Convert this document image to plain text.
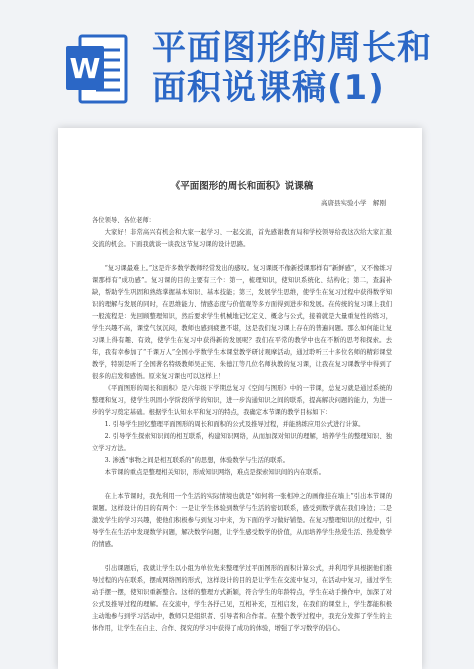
W
平面图形的周长和
面积说课稿(1)
《平面图形的周长和面积》说课稿
高唐县实验小学　解刚
各位领导、各位老师：
大家好！非常高兴有机会和大家一起学习、一起交流，首先感谢教育局和学校领导给我这次给大家汇报交流的机会。下面我就谈一谈我这节复习课的设计思路。
“复习课最难上。”这是许多数学教师经常发出的感叹。复习课既不像新授课那样有“新鲜感”，又不像练习课那样有“成功感”。复习课的目的主要有三个：第一，梳理知识，使知识系统化、结构化；第二，查漏补缺，帮助学生巩固和熟练掌握基本知识、基本技能；第三，发展学生思维，使学生在复习过程中获得数学知识的理解与发展的同时，在思维能力、情感态度与价值观等多方面得到进步和发展。在传统的复习课上我们一般流程是：先回顾整理知识，然后要求学生机械地记忆定义、概念与公式，接着就是大量重复性的练习，学生兴趣不高，课堂气氛沉闷，教师也感到疲惫不堪，这是我们复习课上存在的普遍问题。那么如何能让复习课上得有趣、有效，使学生在复习中获得新的发展呢？我们在平常的教学中也在不断的思考和探索。去年，我有幸参加了“千课万人”全国小学数学生本课堂教学研讨观摩活动，通过聆听三十多位名师的精彩课堂教学，特别是听了全国著名特级教师吴正宪、朱德江等几位名师执教的复习课，让我在复习课教学中得到了很多的启发和感悟。原来复习课也可以这样上！
《平面图形的周长和面积》是六年级下学期总复习《空间与图形》中的一节课，总复习就是通过系统的整理和复习，使学生巩固小学阶段所学的知识，进一步沟通知识之间的联系，提高解决问题的能力，为进一步的学习奠定基础。根据学生认知水平和复习的特点，我确定本节课的教学目标如下：
1. 引导学生回忆整理平面图形的周长和面积的公式及推导过程，并能熟练应用公式进行计算。
2. 引导学生探索知识间的相互联系，构建知识网络，从而加深对知识的理解，培养学生的整理知识、独立学习方法。
3. 渗透“事物之间是相互联系的”的思想，体验数学与生活的联系。
本节课的重点是整理相关知识，形成知识网络，难点是探索知识间的内在联系。
在上本节课时，我先利用一个生活的实际情境也就是“如何将一张相冲之的画像挂在墙上”引出本节课的课题。这样设计的目的有两个：一是让学生体验到数学与生活的密切联系，感受到数学就在我们身边；二是激发学生的学习兴趣，使他们积极参与到复习中来，为下面的学习做好铺垫。在复习整理知识的过程中，引导学生在生活中发现数学问题，解决数学问题，让学生感受数学的价值，从而培养学生热爱生活、热爱数学的情感。
引出课题后，我就让学生以小组为单位先来整理学过平面图形的面积计算公式，并利用学具根据他们推导过程的内在联系，摆成网络图的形式，这样设计的目的是让学生在交流中复习，在活动中复习，通过学生动手摆一摆，使知识重新整合。这样的整理方式新颖，符合学生的年龄特点，学生在动手操作中，加深了对公式及推导过程的理解。在交流中，学生各抒己见，互相补充，互相启发，在我们的课堂上，学生都能积极主动地参与到学习活动中，教师只是组织者、引导者和合作者。在整个教学过程中，我充分发挥了学生的主体作用，让学生在自主、合作、探究的学习中获得了成功的体验，增强了学习数学的信心。
